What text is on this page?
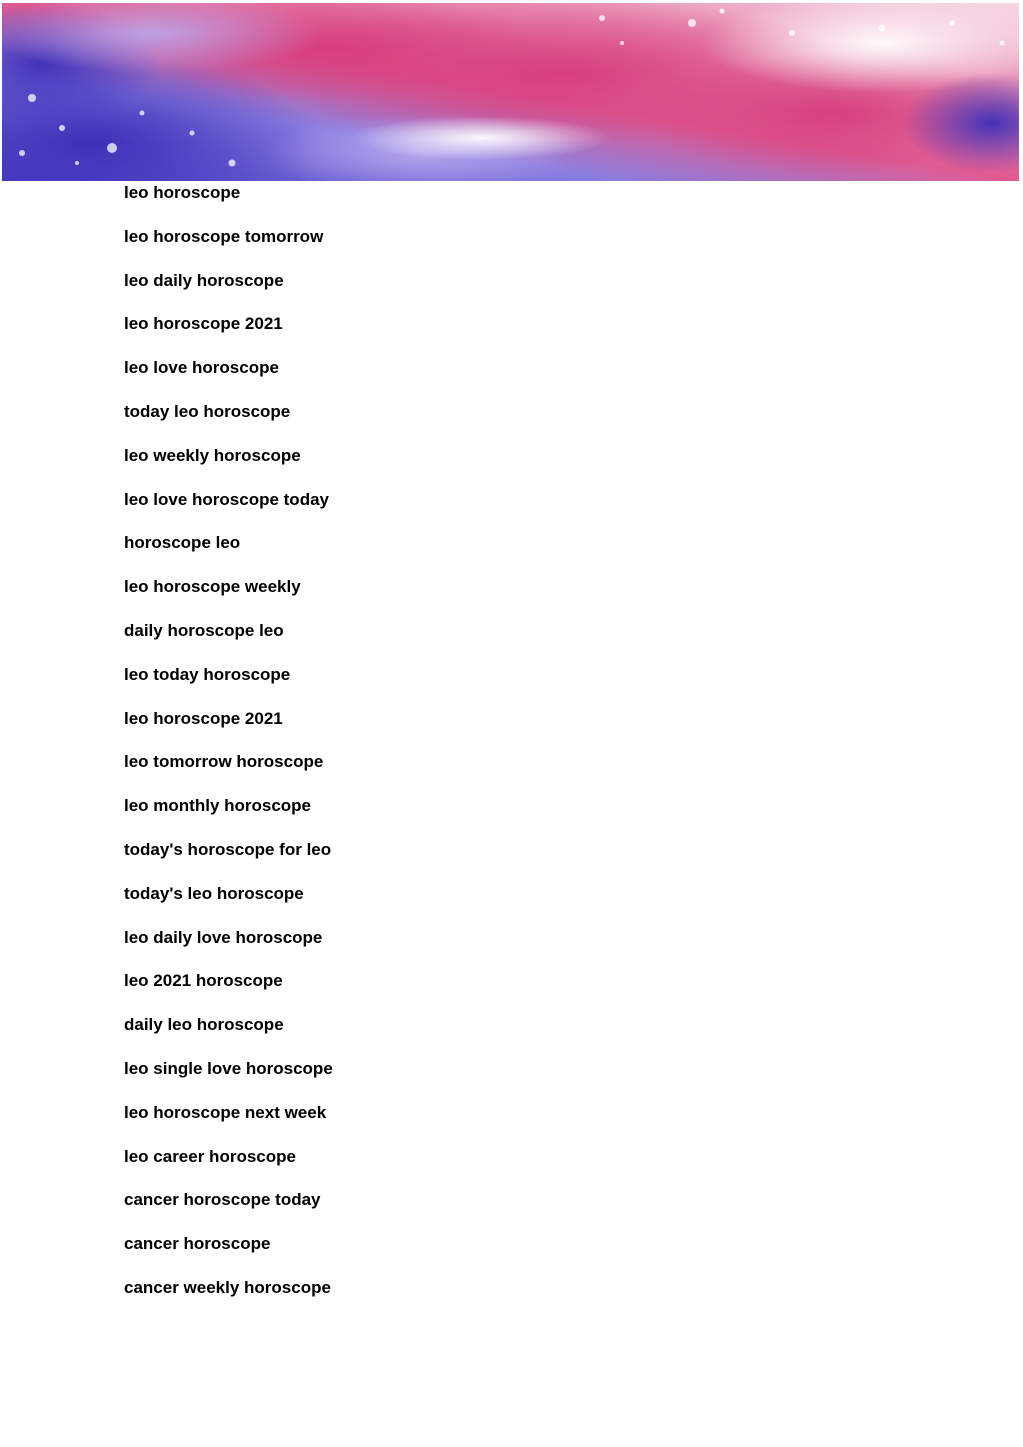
leo horoscope
leo horoscope tomorrow
leo daily horoscope
leo horoscope 2021
leo love horoscope
today leo horoscope
leo weekly horoscope
leo love horoscope today
horoscope leo
leo horoscope weekly
daily horoscope leo
leo today horoscope
leo horoscope 2021
leo tomorrow horoscope
leo monthly horoscope
today's horoscope for leo
today's leo horoscope
leo daily love horoscope
leo 2021 horoscope
daily leo horoscope
leo single love horoscope
leo horoscope next week
leo career horoscope
cancer horoscope today
cancer horoscope
cancer weekly horoscope
